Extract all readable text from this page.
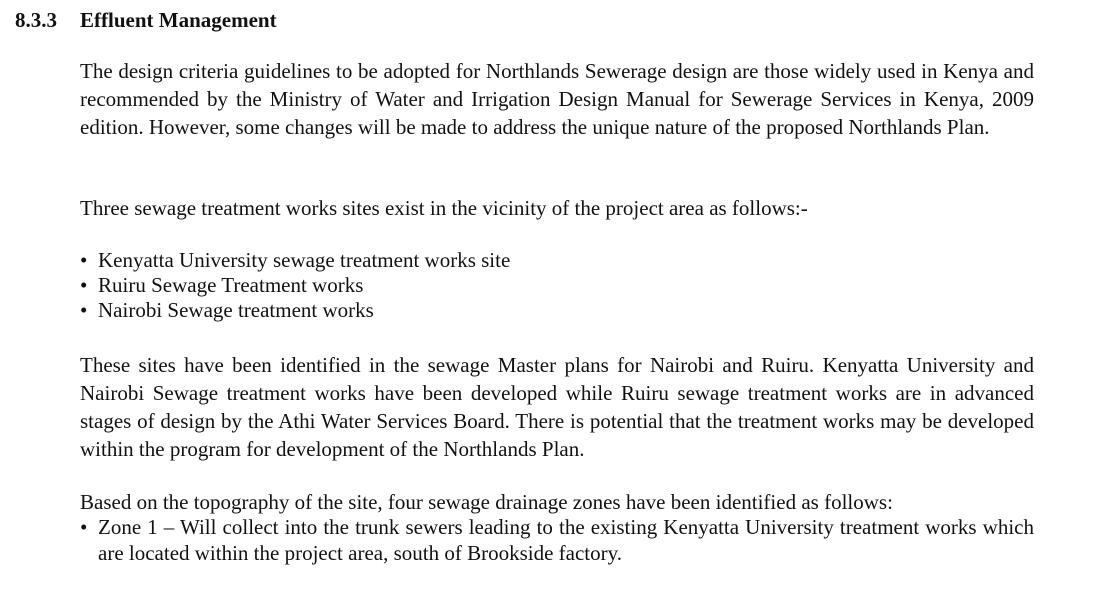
8.3.3 Effluent Management

The design criteria guidelines to be adopted for Northlands Sewerage design are those widely used in Kenya and recommended by the Ministry of Water and Irrigation Design Manual for Sewerage Services in Kenya, 2009 edition. However, some changes will be made to address the unique nature of the proposed Northlands Plan.

Three sewage treatment works sites exist in the vicinity of the project area as follows:-

• Kenyatta University sewage treatment works site
• Ruiru Sewage Treatment works
• Nairobi Sewage treatment works

These sites have been identified in the sewage Master plans for Nairobi and Ruiru. Kenyatta University and Nairobi Sewage treatment works have been developed while Ruiru sewage treatment works are in advanced stages of design by the Athi Water Services Board. There is potential that the treatment works may be developed within the program for development of the Northlands Plan.

Based on the topography of the site, four sewage drainage zones have been identified as follows:

• Zone 1 – Will collect into the trunk sewers leading to the existing Kenyatta University treatment works which are located within the project area, south of Brookside factory.
